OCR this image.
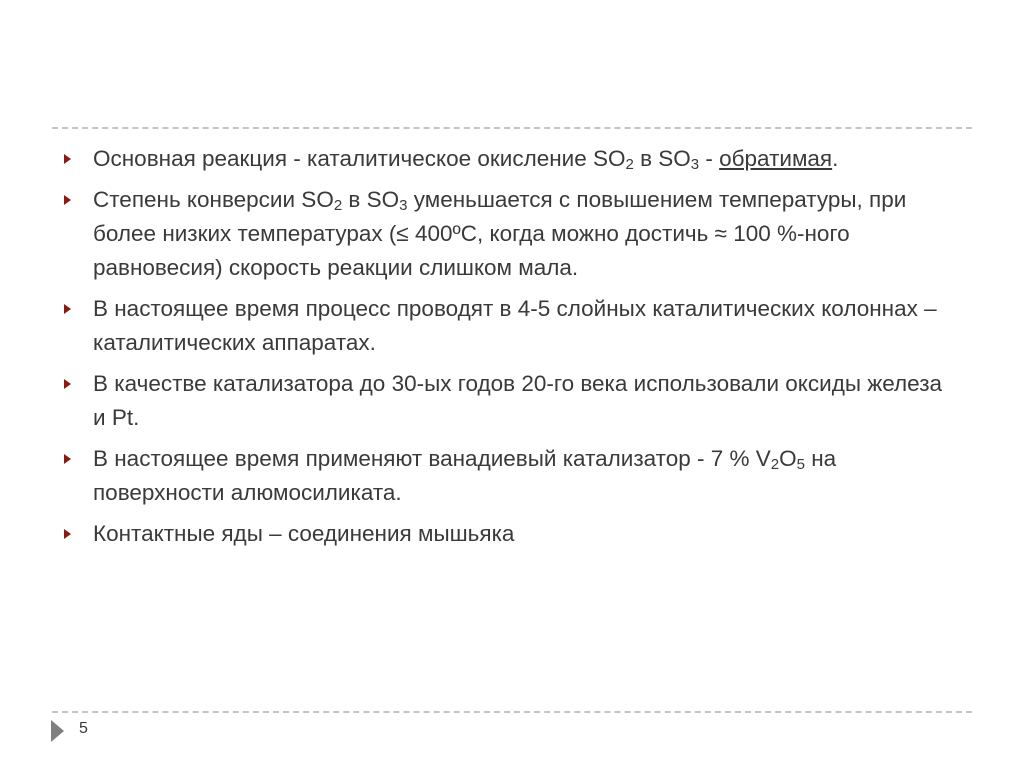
Основная реакция - каталитическое окисление $SO_2$ в $SO_3$ - обратимая.
Степень конверсии $SO_2$ в $SO_3$ уменьшается с повышением температуры, при более низких температурах (≤ 400ºС, когда можно достичь ≈ 100 %-ного равновесия) скорость реакции слишком мала.
В настоящее время процесс проводят в 4-5 слойных каталитических колоннах – каталитических аппаратах.
В качестве катализатора до 30-ых годов 20-го века использовали оксиды железа и Pt.
В настоящее время применяют ванадиевый катализатор - 7 % $V_2O_5$ на поверхности алюмосиликата.
Контактные яды – соединения мышьяка
5
